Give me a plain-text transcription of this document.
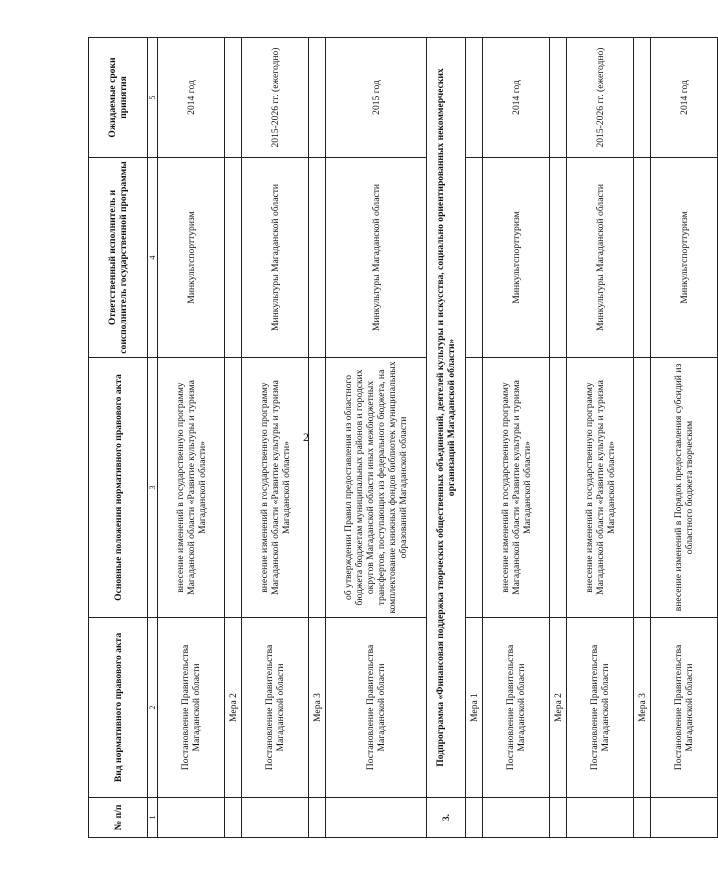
2
№ п/п	Вид нормативного правового акта	Основные положения нормативного правового акта	Ответственный исполнитель и соисполнитель государственной программы	Ожидаемые сроки принятия
1	2	3	4	5
	Постановление Правительства Магаданской области	внесение изменений в государственную программу Магаданской области «Развитие культуры и туризма Магаданской области»	Минкультспорттуризм	2014 год
	Мера 2			
	Постановление Правительства Магаданской области	внесение изменений в государственную программу Магаданской области «Развитие культуры и туризма Магаданской области»	Минкультуры Магаданской области	2015-2026 гг. (ежегодно)
	Мера 3			
	Постановление Правительства Магаданской области	об утверждении Правил предоставления из областного бюджета бюджетам муниципальных районов и городских округов Магаданской области иных межбюджетных трансфертов, поступающих из федерального бюджета, на комплектование книжных фондов библиотек муниципальных образований Магаданской области	Минкультуры Магаданской области	2015 год
3.	Подпрограмма «Финансовая поддержка творческих общественных объединений, деятелей культуры и искусства, социально ориентированных некоммерческих организаций Магаданской области»			
	Мера 1			
	Постановление Правительства Магаданской области	внесение изменений в государственную программу Магаданской области «Развитие культуры и туризма Магаданской области»	Минкультспорттуризм	2014 год
	Мера 2			
	Постановление Правительства Магаданской области	внесение изменений в государственную программу Магаданской области «Развитие культуры и туризма Магаданской области»	Минкультуры Магаданской области	2015-2026 гг. (ежегодно)
	Мера 3			
	Постановление Правительства Магаданской области	внесение изменений в Порядок предоставления субсидий из областного бюджета творческим	Минкультспорттуризм	2014 год
